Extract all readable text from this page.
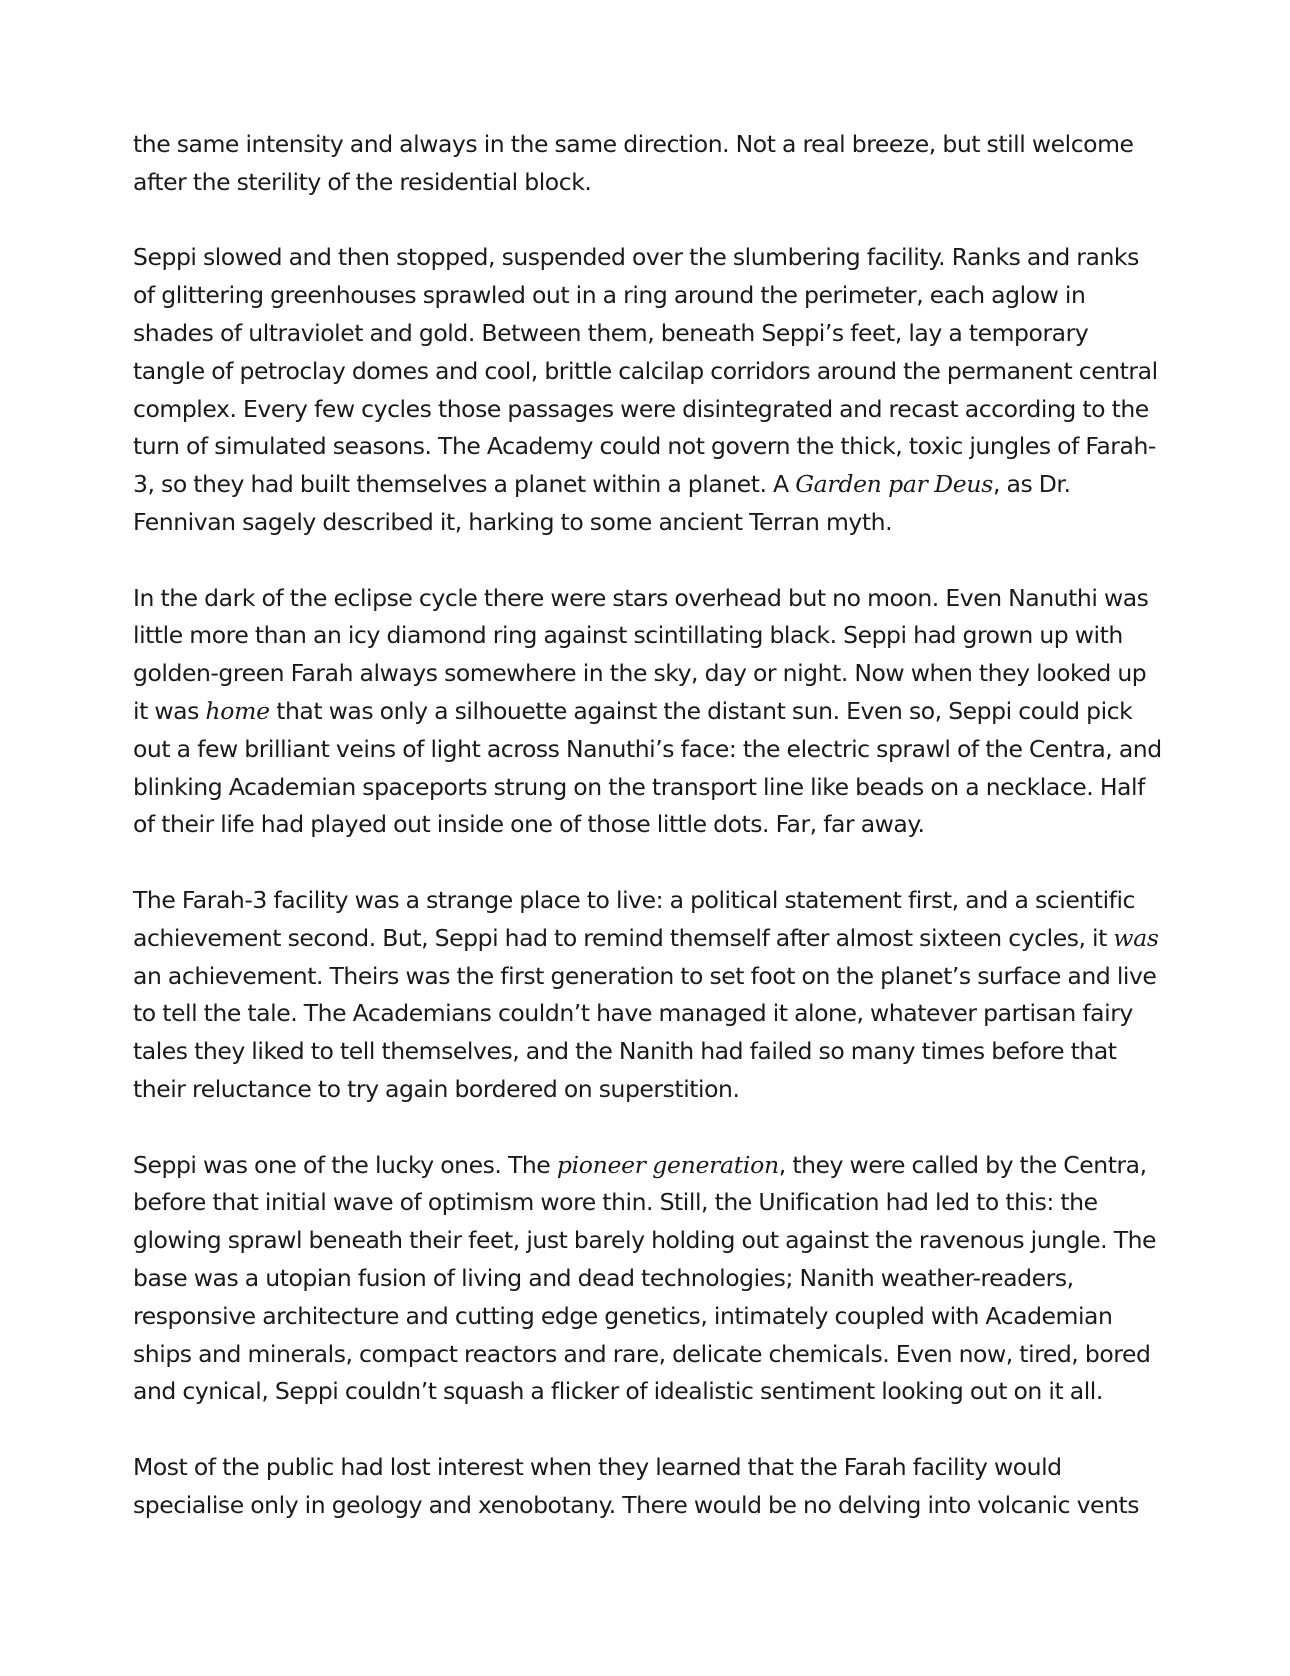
the same intensity and always in the same direction. Not a real breeze, but still welcome after the sterility of the residential block.

Seppi slowed and then stopped, suspended over the slumbering facility. Ranks and ranks of glittering greenhouses sprawled out in a ring around the perimeter, each aglow in shades of ultraviolet and gold. Between them, beneath Seppi’s feet, lay a temporary tangle of petroclay domes and cool, brittle calcilap corridors around the permanent central complex. Every few cycles those passages were disintegrated and recast according to the turn of simulated seasons. The Academy could not govern the thick, toxic jungles of Farah-3, so they had built themselves a planet within a planet. A Garden par Deus, as Dr. Fennivan sagely described it, harking to some ancient Terran myth.

In the dark of the eclipse cycle there were stars overhead but no moon. Even Nanuthi was little more than an icy diamond ring against scintillating black. Seppi had grown up with golden-green Farah always somewhere in the sky, day or night. Now when they looked up it was home that was only a silhouette against the distant sun. Even so, Seppi could pick out a few brilliant veins of light across Nanuthi’s face: the electric sprawl of the Centra, and blinking Academian spaceports strung on the transport line like beads on a necklace. Half of their life had played out inside one of those little dots. Far, far away.

The Farah-3 facility was a strange place to live: a political statement first, and a scientific achievement second. But, Seppi had to remind themself after almost sixteen cycles, it was an achievement. Theirs was the first generation to set foot on the planet’s surface and live to tell the tale. The Academians couldn’t have managed it alone, whatever partisan fairy tales they liked to tell themselves, and the Nanith had failed so many times before that their reluctance to try again bordered on superstition.

Seppi was one of the lucky ones. The pioneer generation, they were called by the Centra, before that initial wave of optimism wore thin. Still, the Unification had led to this: the glowing sprawl beneath their feet, just barely holding out against the ravenous jungle. The base was a utopian fusion of living and dead technologies; Nanith weather-readers, responsive architecture and cutting edge genetics, intimately coupled with Academian ships and minerals, compact reactors and rare, delicate chemicals. Even now, tired, bored and cynical, Seppi couldn’t squash a flicker of idealistic sentiment looking out on it all.

Most of the public had lost interest when they learned that the Farah facility would specialise only in geology and xenobotany. There would be no delving into volcanic vents
